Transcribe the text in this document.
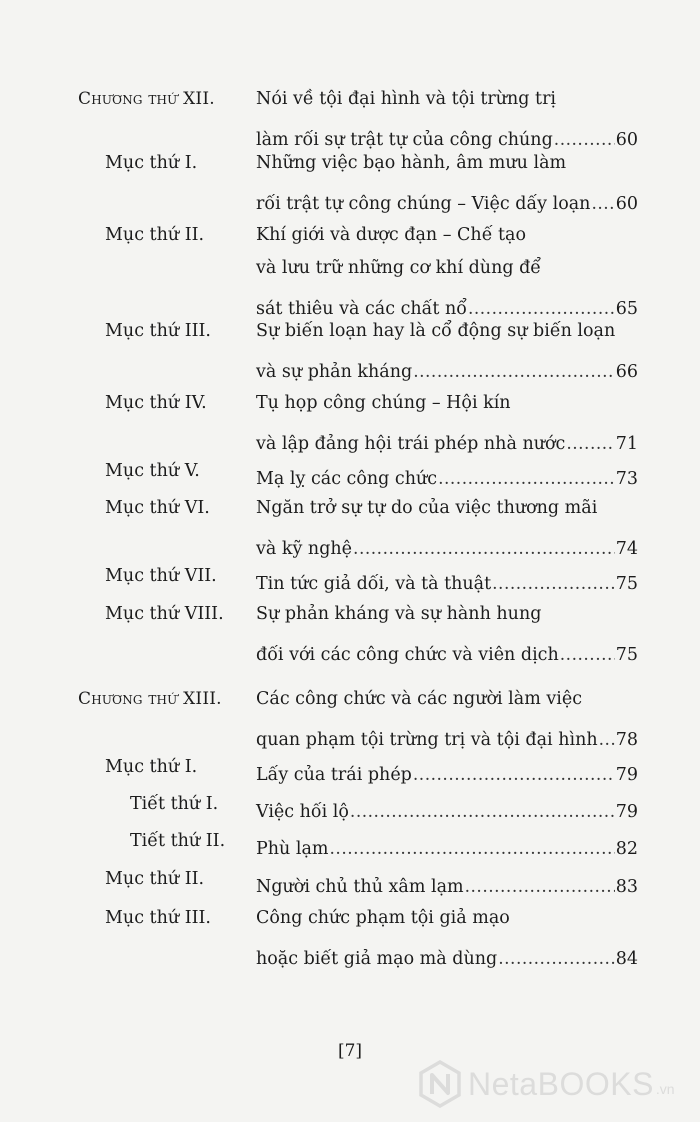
Chương thứ XII. Nói về tội đại hình và tội trừng trị
làm rối sự trật tự của công chúng .....	60
Mục thứ I.	Những việc bạo hành, âm mưu làm
rối trật tự công chúng – Việc dấy loạn ..... 60
Mục thứ II.	Khí giới và dược đạn – Chế tạo
và lưu trữ những cơ khí dùng để
sát thiêu và các chất nổ .....	65
Mục thứ III.	Sự biến loạn hay là cổ động sự biến loạn
và sự phản kháng .....	66
Mục thứ IV.	Tụ họp công chúng – Hội kín
và lập đảng hội trái phép nhà nước .....	71
Mục thứ V.	Mạ lỵ các công chức .....	73
Mục thứ VI.	Ngăn trở sự tự do của việc thương mãi
và kỹ nghệ .....	74
Mục thứ VII. Tin tức giả dối, và tà thuật .....	75
Mục thứ VIII. Sự phản kháng và sự hành hung
đối với các công chức và viên dịch .....	75
Chương thứ XIII. Các công chức và các người làm việc
quan phạm tội trừng trị và tội đại hình ..... 78
Mục thứ I.	Lấy của trái phép .....	79
Tiết thứ I. Việc hối lộ .....	79
Tiết thứ II. Phù lạm .....	82
Mục thứ II.	Người chủ thủ xâm lạm .....	83
Mục thứ III.	Công chức phạm tội giả mạo
hoặc biết giả mạo mà dùng .....	84
[7]
NetaBOOKS .vn
